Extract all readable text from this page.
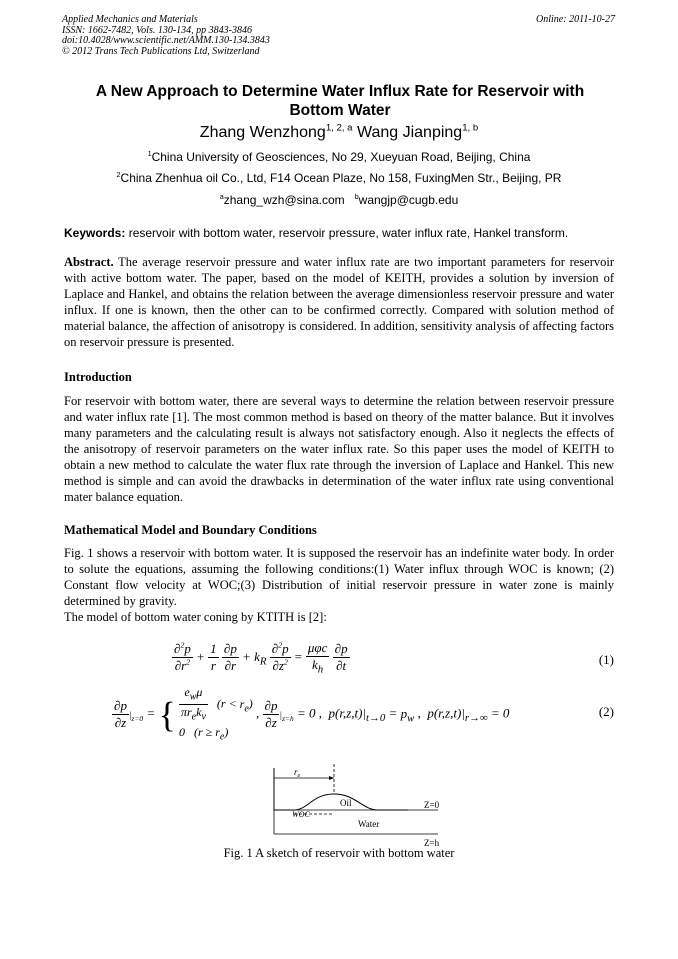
Applied Mechanics and Materials
ISSN: 1662-7482, Vols. 130-134, pp 3843-3846
doi:10.4028/www.scientific.net/AMM.130-134.3843
© 2012 Trans Tech Publications Ltd, Switzerland
Online: 2011-10-27
A New Approach to Determine Water Influx Rate for Reservoir with Bottom Water
Zhang Wenzhong$^{1, 2, a}$ Wang Jianping$^{1, b}$
$^1$China University of Geosciences, No 29, Xueyuan Road, Beijing, China
$^2$China Zhenhua oil Co., Ltd, F14 Ocean Plaze, No 158, FuxingMen Str., Beijing, PR
$^a$zhang_wzh@sina.com $^b$wangjp@cugb.edu
Keywords: reservoir with bottom water, reservoir pressure, water influx rate, Hankel transform.
Abstract. The average reservoir pressure and water influx rate are two important parameters for reservoir with active bottom water. The paper, based on the model of KEITH, provides a solution by inversion of Laplace and Hankel, and obtains the relation between the average dimensionless reservoir pressure and water influx. If one is known, then the other can to be confirmed correctly. Compared with solution method of material balance, the affection of anisotropy is considered. In addition, sensitivity analysis of affecting factors on reservoir pressure is presented.
Introduction
For reservoir with bottom water, there are several ways to determine the relation between reservoir pressure and water influx rate [1]. The most common method is based on theory of the matter balance. But it involves many parameters and the calculating result is always not satisfactory enough. Also it neglects the effects of the anisotropy of reservoir parameters on the water influx rate. So this paper uses the model of KEITH to obtain a new method to calculate the water flux rate through the inversion of Laplace and Hankel. This new method is simple and can avoid the drawbacks in determination of the water influx rate using conventional mater balance equation.
Mathematical Model and Boundary Conditions
Fig. 1 shows a reservoir with bottom water. It is supposed the reservoir has an indefinite water body. In order to solute the equations, assuming the following conditions:(1) Water influx through WOC is known; (2) Constant flow velocity at WOC;(3) Distribution of initial reservoir pressure in water zone is mainly determined by gravity.
The model of bottom water coning by KTITH is [2]:
$\frac{\partial^2p}{\partial r^2} + \frac{1}{r}$
$\frac{\partial p}{\partial r} + k_R \frac{\partial^2p}{\partial z^2} = \frac{\text{μφc}}{k_h}$
$\frac{\partial p}{\partial t}$	(1)
$\frac{\partial p}{\partial z} |_{z=0}$ = { $\frac{e_w\mu}{\pi r_ek_v} (r < r_e)$
0   $(r \ge r_e)$ , $\frac{\partial p}{\partial z} |_{z=h} = 0$ ,  $p(r,z,t)|_{t\to 0} = p_w$ ,  $p(r,z,t)|_{r\to\infty} = 0$	(2)
$r_e$
Oil
WOC
Water
Z=0
Z=h
Fig. 1 A sketch of reservoir with bottom water
